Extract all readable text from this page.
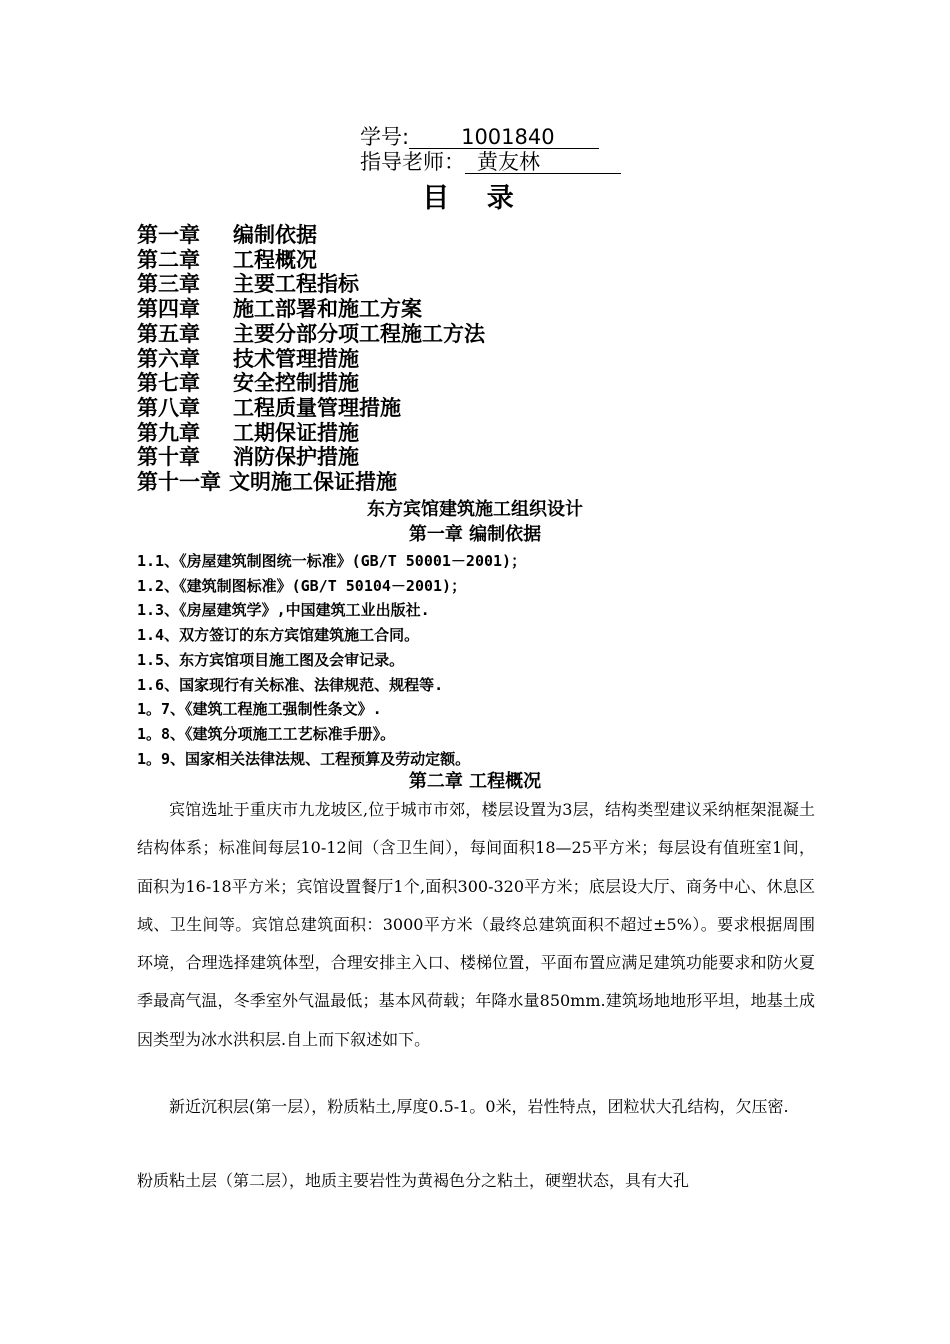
学号: 1001840
指导老师： 黄友林
目 录
第一章 编制依据
第二章 工程概况
第三章 主要工程指标
第四章 施工部署和施工方案
第五章 主要分部分项工程施工方法
第六章 技术管理措施
第七章 安全控制措施
第八章 工程质量管理措施
第九章 工期保证措施
第十章 消防保护措施
第十一章 文明施工保证措施
东方宾馆建筑施工组织设计
第一章 编制依据
1.1、《房屋建筑制图统一标准》(GB/T 50001－2001)；
1.2、《建筑制图标准》(GB/T 50104－2001)；
1.3、《房屋建筑学》,中国建筑工业出版社.
1.4、双方签订的东方宾馆建筑施工合同。
1.5、东方宾馆项目施工图及会审记录。
1.6、国家现行有关标准、法律规范、规程等.
1。7、《建筑工程施工强制性条文》.
1。8、《建筑分项施工工艺标准手册》。
1。9、国家相关法律法规、工程预算及劳动定额。
第二章 工程概况

宾馆选址于重庆市九龙坡区,位于城市市郊，楼层设置为3层，结构类型建议采纳框架混凝土结构体系；标准间每层10-12间（含卫生间），每间面积18—25平方米；每层设有值班室1间，面积为16-18平方米；宾馆设置餐厅1个,面积300-320平方米；底层设大厅、商务中心、休息区域、卫生间等。宾馆总建筑面积：3000平方米（最终总建筑面积不超过±5%）。要求根据周围环境，合理选择建筑体型，合理安排主入口、楼梯位置，平面布置应满足建筑功能要求和防火夏季最高气温，冬季室外气温最低；基本风荷载；年降水量850mm.建筑场地地形平坦，地基土成因类型为冰水洪积层.自上而下叙述如下。

新近沉积层(第一层），粉质粘土,厚度0.5-1。0米，岩性特点，团粒状大孔结构，欠压密.

粉质粘土层（第二层），地质主要岩性为黄褐色分之粘土，硬塑状态，具有大孔
